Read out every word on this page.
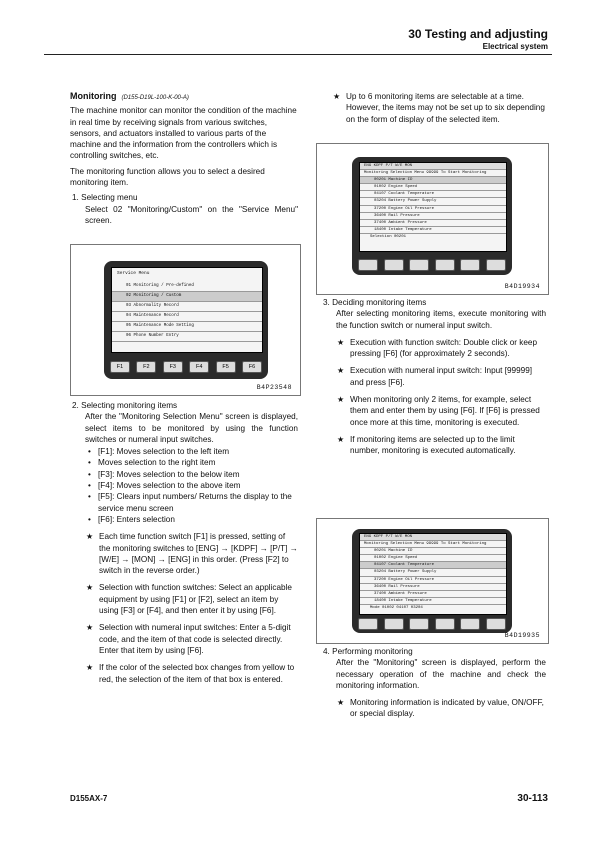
30 Testing and adjusting
Electrical system

Monitoring (D155-D19L-100-K-00-A)

The machine monitor can monitor the condition of the machine in real time by receiving signals from various switches, sensors, and actuators installed to various parts of the machine and the information from the controllers which is controlling switches, etc.

The monitoring function allows you to select a desired monitoring item.

1. Selecting menu
Select 02 "Monitoring/Custom" on the "Service Menu" screen.
Service Menu
01 Monitoring / Pre-defined
02 Monitoring / Custom
03 Abnormality Record
04 Maintenance Record
05 Maintenance Mode Setting
06 Phone Number Entry
F1	F2	F3	F4	F5	F6
B4P23548
2. Selecting monitoring items
After the "Monitoring Selection Menu" screen is displayed, select items to be monitored by using the function switches or numeral input switches.
• [F1]: Moves selection to the left item
• Moves selection to the right item
• [F3]: Moves selection to the below item
• [F4]: Moves selection to the above item
• [F5]: Clears input numbers/ Returns the display to the service menu screen
• [F6]: Enters selection
★ Each time function switch [F1] is pressed, setting of the monitoring switches to [ENG] → [KDPF] → [P/T] → [W/E] → [MON] → [ENG] in this order. (Press [F2] to switch in the reverse order.)
★ Selection with function switches: Select an applicable equipment by using [F1] or [F2], select an item by using [F3] or [F4], and then enter it by using [F6].
★ Selection with numeral input switches: Enter a 5-digit code, and the item of that code is selected directly. Enter that item by using [F6].
★ If the color of the selected box changes from yellow to red, the selection of the item of that box is entered.
★ Up to 6 monitoring items are selectable at a time. However, the items may not be set up to six depending on the form of display of the selected item.
ENG KDPF P/T W/E MON
Monitoring Selection Menu 99999 To Start Monitoring
00201 Machine ID
01002 Engine Speed
04107 Coolant Temperature
03204 Battery Power Supply
37200 Engine Oil Pressure
36400 Rail Pressure
37400 Ambient Pressure
18400 Intake Temperature
Selection 00201
B4D19934
3. Deciding monitoring items
After selecting monitoring items, execute monitoring with the function switch or numeral input switch.
★ Execution with function switch: Double click or keep pressing [F6] (for approximately 2 seconds).
★ Execution with numeral input switch: Input [99999] and press [F6].
★ When monitoring only 2 items, for example, select them and enter them by using [F6]. If [F6] is pressed once more at this time, monitoring is executed.
★ If monitoring items are selected up to the limit number, monitoring is executed automatically.
ENG KDPF P/T W/E MON
Monitoring Selection Menu 99999 To Start Monitoring
00201 Machine ID
01002 Engine Speed
04107 Coolant Temperature
03204 Battery Power Supply
37200 Engine Oil Pressure
36400 Rail Pressure
37400 Ambient Pressure
18400 Intake Temperature
Mode 01002 04107 03204
B4D19935
4. Performing monitoring
After the "Monitoring" screen is displayed, perform the necessary operation of the machine and check the monitoring information.
★ Monitoring information is indicated by value, ON/OFF, or special display.
D155AX-7	30-113
